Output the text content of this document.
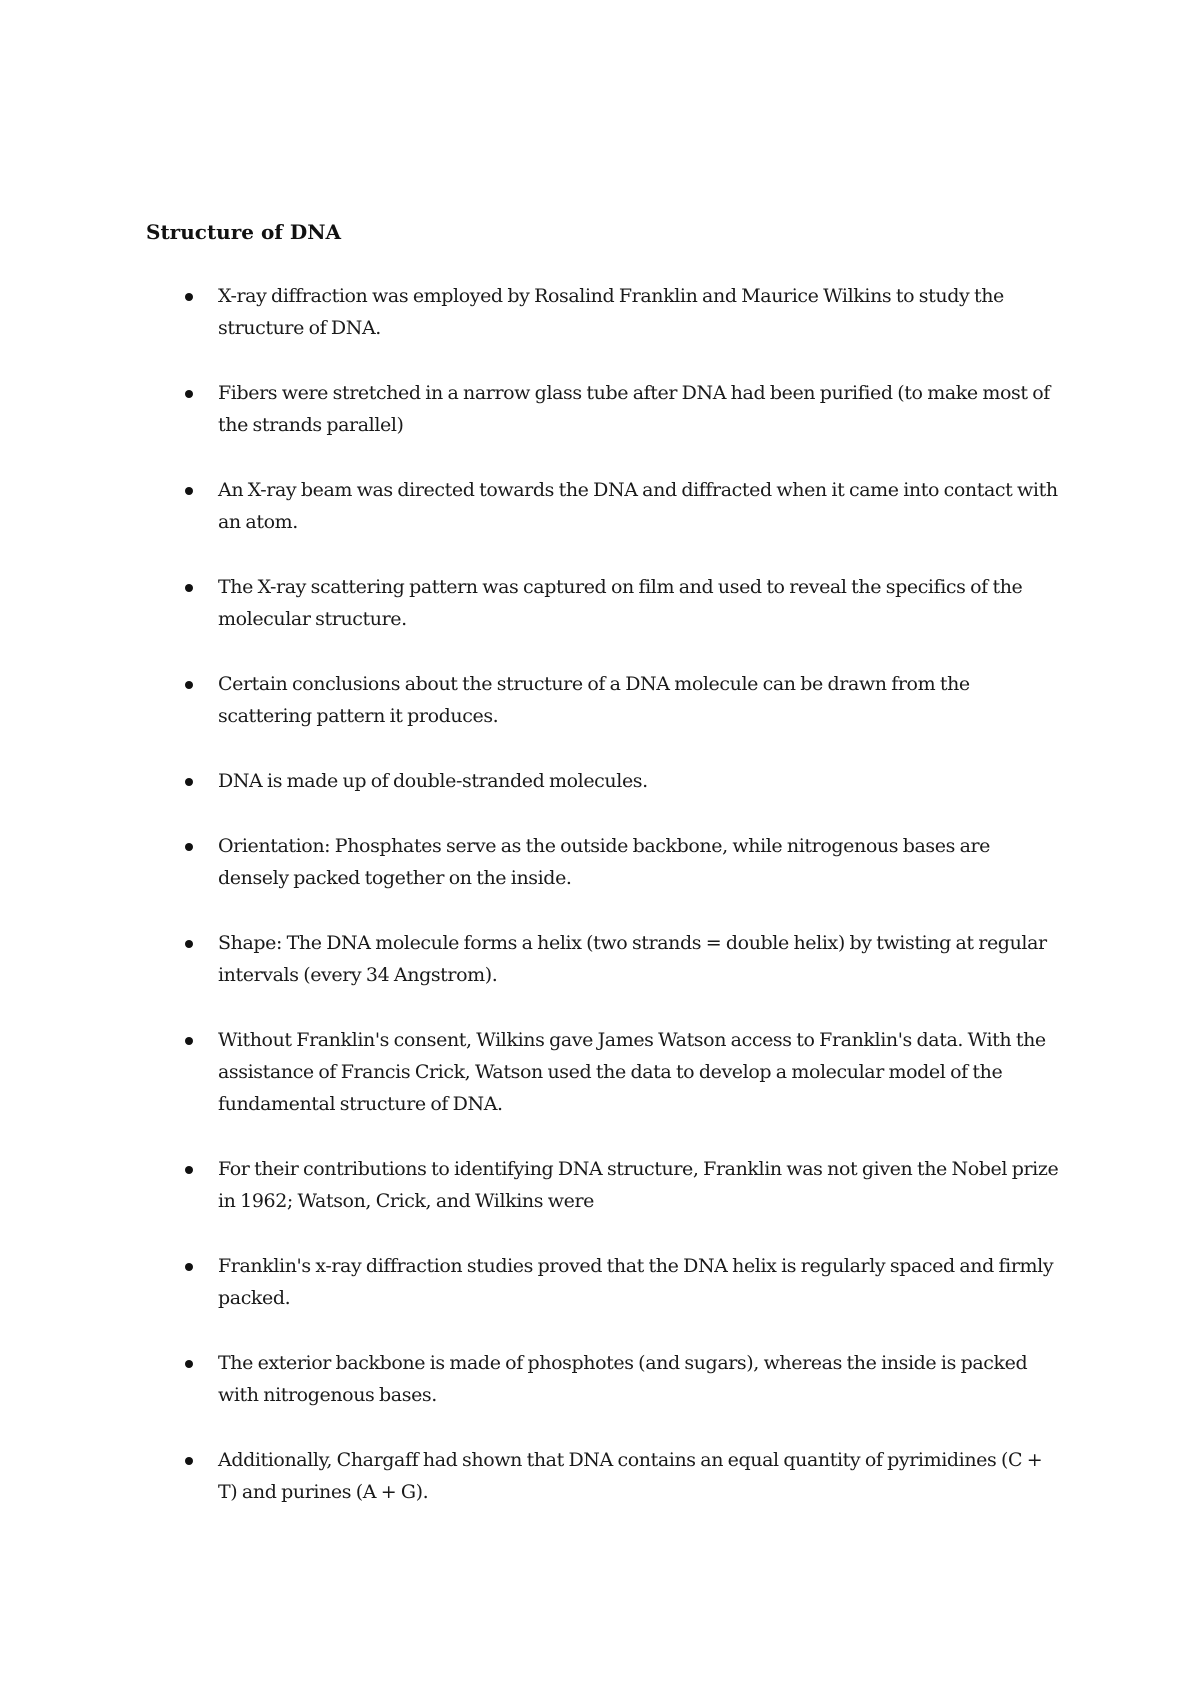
Structure of DNA
X-ray diffraction was employed by Rosalind Franklin and Maurice Wilkins to study the structure of DNA.
Fibers were stretched in a narrow glass tube after DNA had been purified (to make most of the strands parallel)
An X-ray beam was directed towards the DNA and diffracted when it came into contact with an atom.
The X-ray scattering pattern was captured on film and used to reveal the specifics of the molecular structure.
Certain conclusions about the structure of a DNA molecule can be drawn from the scattering pattern it produces.
DNA is made up of double-stranded molecules.
Orientation: Phosphates serve as the outside backbone, while nitrogenous bases are densely packed together on the inside.
Shape: The DNA molecule forms a helix (two strands = double helix) by twisting at regular intervals (every 34 Angstrom).
Without Franklin's consent, Wilkins gave James Watson access to Franklin's data. With the assistance of Francis Crick, Watson used the data to develop a molecular model of the fundamental structure of DNA.
For their contributions to identifying DNA structure, Franklin was not given the Nobel prize in 1962; Watson, Crick, and Wilkins were
Franklin's x-ray diffraction studies proved that the DNA helix is regularly spaced and firmly packed.
The exterior backbone is made of phosphotes (and sugars), whereas the inside is packed with nitrogenous bases.
Additionally, Chargaff had shown that DNA contains an equal quantity of pyrimidines (C + T) and purines (A + G).
